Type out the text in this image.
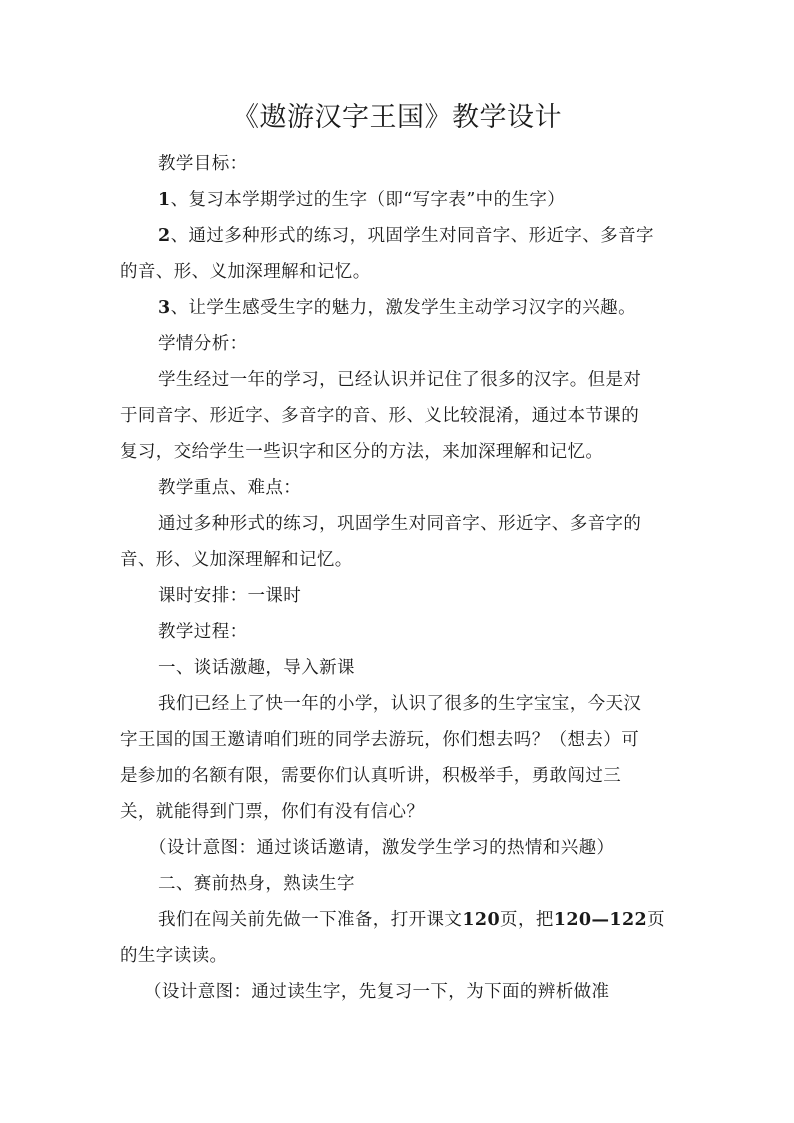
《遨游汉字王国》教学设计

教学目标：

1、复习本学期学过的生字（即“写字表”中的生字）

2、通过多种形式的练习，巩固学生对同音字、形近字、多音字
的音、形、义加深理解和记忆。

3、让学生感受生字的魅力，激发学生主动学习汉字的兴趣。

学情分析：

学生经过一年的学习，已经认识并记住了很多的汉字。但是对
于同音字、形近字、多音字的音、形、义比较混淆，通过本节课的
复习，交给学生一些识字和区分的方法，来加深理解和记忆。

教学重点、难点：

通过多种形式的练习，巩固学生对同音字、形近字、多音字的
音、形、义加深理解和记忆。

课时安排：一课时

教学过程：

一、谈话激趣，导入新课

我们已经上了快一年的小学，认识了很多的生字宝宝，今天汉
字王国的国王邀请咱们班的同学去游玩，你们想去吗？（想去）可
是参加的名额有限，需要你们认真听讲，积极举手，勇敢闯过三
关，就能得到门票，你们有没有信心？

（设计意图：通过谈话邀请，激发学生学习的热情和兴趣）

二、赛前热身，熟读生字

我们在闯关前先做一下准备，打开课文120页，把120—122页
的生字读读。

（设计意图：通过读生字，先复习一下，为下面的辨析做准
